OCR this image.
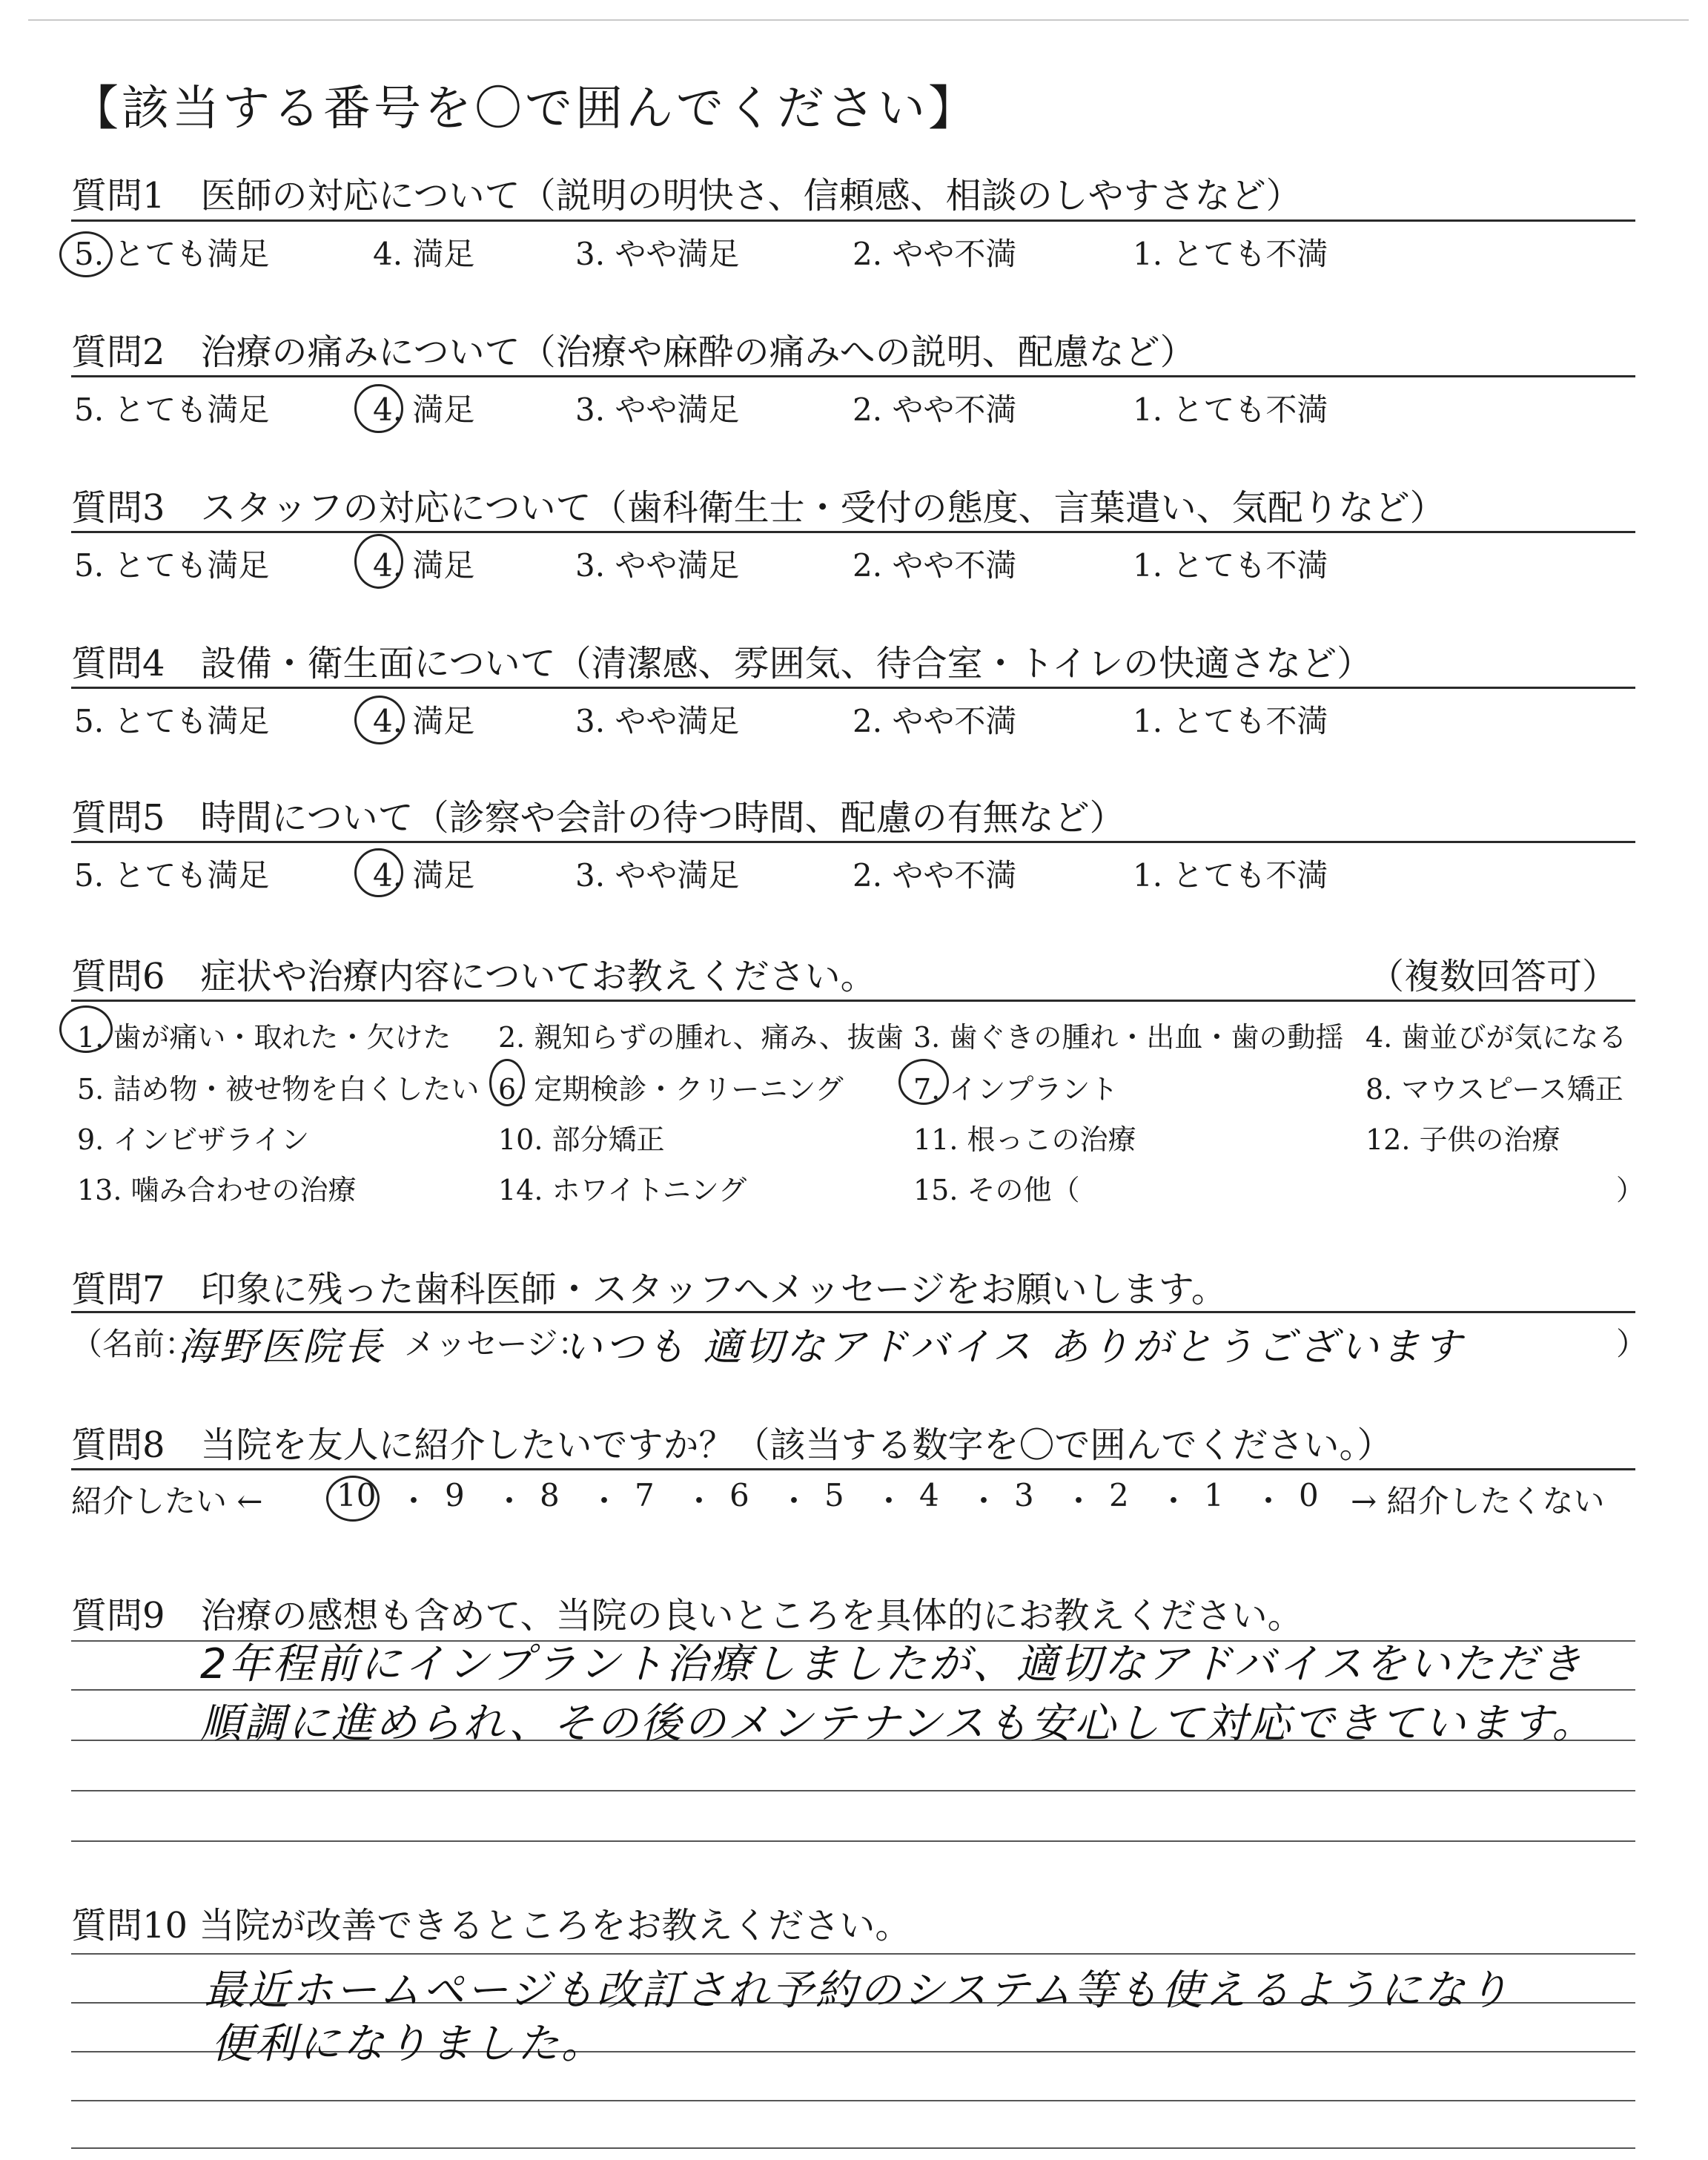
【該当する番号を〇で囲んでください】
質問1　医師の対応について（説明の明快さ、信頼感、相談のしやすさなど）
5. とても満足	4. 満足	3. やや満足	2. やや不満	1. とても不満
質問2　治療の痛みについて（治療や麻酔の痛みへの説明、配慮など）
5. とても満足	4. 満足	3. やや満足	2. やや不満	1. とても不満
質問3　スタッフの対応について（歯科衛生士・受付の態度、言葉遣い、気配りなど）
5. とても満足	4. 満足	3. やや満足	2. やや不満	1. とても不満
質問4　設備・衛生面について（清潔感、雰囲気、待合室・トイレの快適さなど）
5. とても満足	4. 満足	3. やや満足	2. やや不満	1. とても不満
質問5　時間について（診察や会計の待つ時間、配慮の有無など）
5. とても満足	4. 満足	3. やや満足	2. やや不満	1. とても不満
質問6　症状や治療内容についてお教えください。	（複数回答可）
1. 歯が痛い・取れた・欠けた 2. 親知らずの腫れ、痛み、抜歯 3. 歯ぐきの腫れ・出血・歯の動揺 4. 歯並びが気になる
5. 詰め物・被せ物を白くしたい 6. 定期検診・クリーニング 7. インプラント	8. マウスピース矯正
9. インビザライン	10. 部分矯正	11. 根っこの治療	12. 子供の治療
13. 噛み合わせの治療	14. ホワイトニング	15. その他（	）
質問7　印象に残った歯科医師・スタッフへメッセージをお願いします。
（名前：
海野医院長 メッセージ：
いつも 適切なアドバイス ありがとうございます	）
質問8　当院を友人に紹介したいですか？（該当する数字を〇で囲んでください。）
紹介したい ← 10 ・ 9 ・ 8 ・ 7 ・ 6 ・ 5 ・ 4 ・ 3 ・ 2 ・ 1 ・ 0 → 紹介したくない
質問9　治療の感想も含めて、当院の良いところを具体的にお教えください。
2年程前にインプラント治療しましたが、適切なアドバイスをいただき
順調に進められ、その後のメンテナンスも安心して対応できています。
質問10 当院が改善できるところをお教えください。
最近ホームページも改訂され予約のシステム等も使えるようになり
便利になりました。
